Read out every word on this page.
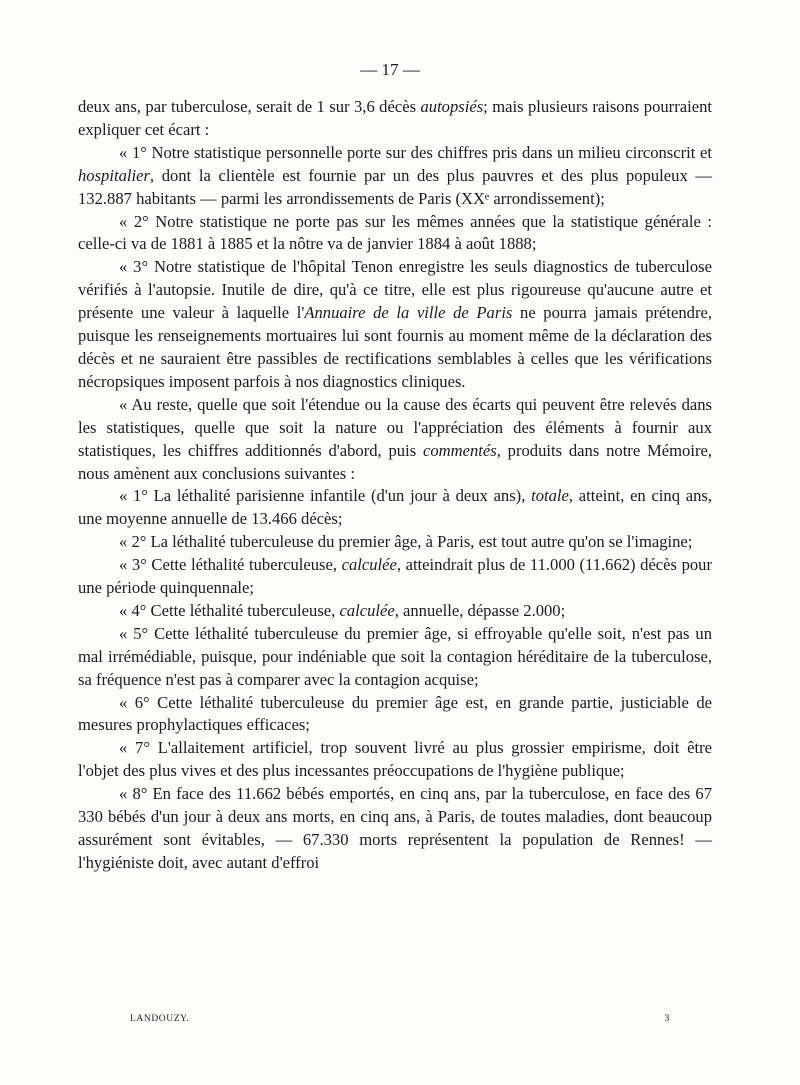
— 17 —

deux ans, par tuberculose, serait de 1 sur 3,6 décès autopsiés; mais plusieurs raisons pourraient expliquer cet écart :

« 1° Notre statistique personnelle porte sur des chiffres pris dans un milieu circonscrit et hospitalier, dont la clientèle est fournie par un des plus pauvres et des plus populeux — 132.887 habitants — parmi les arrondissements de Paris (XXᵉ arrondissement);

« 2° Notre statistique ne porte pas sur les mêmes années que la statistique générale : celle-ci va de 1881 à 1885 et la nôtre va de janvier 1884 à août 1888;

« 3° Notre statistique de l'hôpital Tenon enregistre les seuls diagnostics de tuberculose vérifiés à l'autopsie. Inutile de dire, qu'à ce titre, elle est plus rigoureuse qu'aucune autre et présente une valeur à laquelle l'Annuaire de la ville de Paris ne pourra jamais prétendre, puisque les renseignements mortuaires lui sont fournis au moment même de la déclaration des décès et ne sauraient être passibles de rectifications semblables à celles que les vérifications nécropsiques imposent parfois à nos diagnostics cliniques.

« Au reste, quelle que soit l'étendue ou la cause des écarts qui peuvent être relevés dans les statistiques, quelle que soit la nature ou l'appréciation des éléments à fournir aux statistiques, les chiffres additionnés d'abord, puis commentés, produits dans notre Mémoire, nous amènent aux conclusions suivantes :

« 1° La léthalité parisienne infantile (d'un jour à deux ans), totale, atteint, en cinq ans, une moyenne annuelle de 13.466 décès;

« 2° La léthalité tuberculeuse du premier âge, à Paris, est tout autre qu'on se l'imagine;

« 3° Cette léthalité tuberculeuse, calculée, atteindrait plus de 11.000 (11.662) décès pour une période quinquennale;

« 4° Cette léthalité tuberculeuse, calculée, annuelle, dépasse 2.000;

« 5° Cette léthalité tuberculeuse du premier âge, si effroyable qu'elle soit, n'est pas un mal irrémédiable, puisque, pour indéniable que soit la contagion héréditaire de la tuberculose, sa fréquence n'est pas à comparer avec la contagion acquise;

« 6° Cette léthalité tuberculeuse du premier âge est, en grande partie, justiciable de mesures prophylactiques efficaces;

« 7° L'allaitement artificiel, trop souvent livré au plus grossier empirisme, doit être l'objet des plus vives et des plus incessantes préoccupations de l'hygiène publique;

« 8° En face des 11.662 bébés emportés, en cinq ans, par la tuberculose, en face des 67 330 bébés d'un jour à deux ans morts, en cinq ans, à Paris, de toutes maladies, dont beaucoup assurément sont évitables, — 67.330 morts représentent la population de Rennes! — l'hygiéniste doit, avec autant d'effroi

LANDOUZY.	3
